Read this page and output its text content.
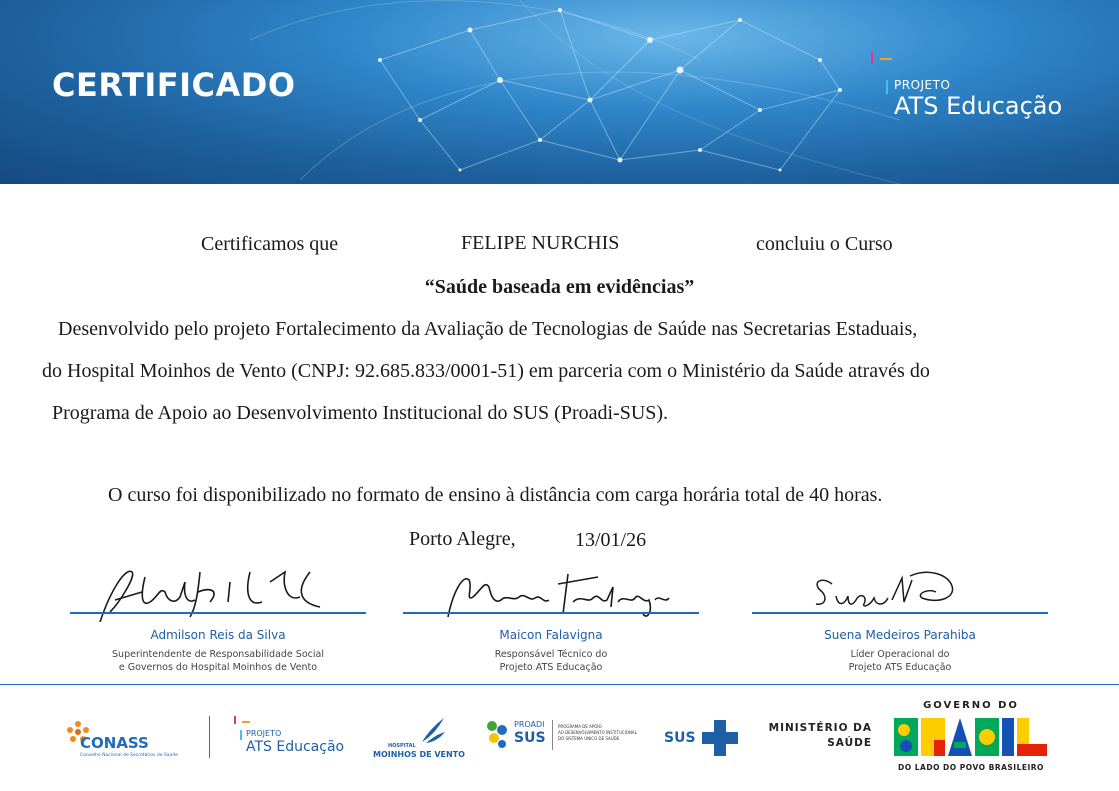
CERTIFICADO	PROJETO
ATS Educação
Certificamos que	FELIPE NURCHIS	concluiu o Curso
“Saúde baseada em evidências”
Desenvolvido pelo projeto Fortalecimento da Avaliação de Tecnologias de Saúde nas Secretarias Estaduais,
do Hospital Moinhos de Vento (CNPJ: 92.685.833/0001-51) em parceria com o Ministério da Saúde através do
Programa de Apoio ao Desenvolvimento Institucional do SUS (Proadi-SUS).
O curso foi disponibilizado no formato de ensino à distância com carga horária total de 40 horas.
Porto Alegre,	13/01/26
Admilson Reis da Silva
Superintendente de Responsabilidade Social
e Governos do Hospital Moinhos de Vento
Maicon Falavigna
Responsável Técnico do
Projeto ATS Educação
Suena Medeiros Parahiba
Líder Operacional do
Projeto ATS Educação
CONASS
Conselho Nacional de Secretários de Saúde
PROJETO
ATS Educação	HOSPITAL
MOINHOS DE VENTO
PROADI
SUS
PROGRAMA DE APOIO
AO DESENVOLVIMENTO INSTITUCIONAL
DO SISTEMA ÚNICO DE SAÚDE	SUS
MINISTÉRIO DA
SAÚDE
GOVERNO DO
DO LADO DO POVO BRASILEIRO
